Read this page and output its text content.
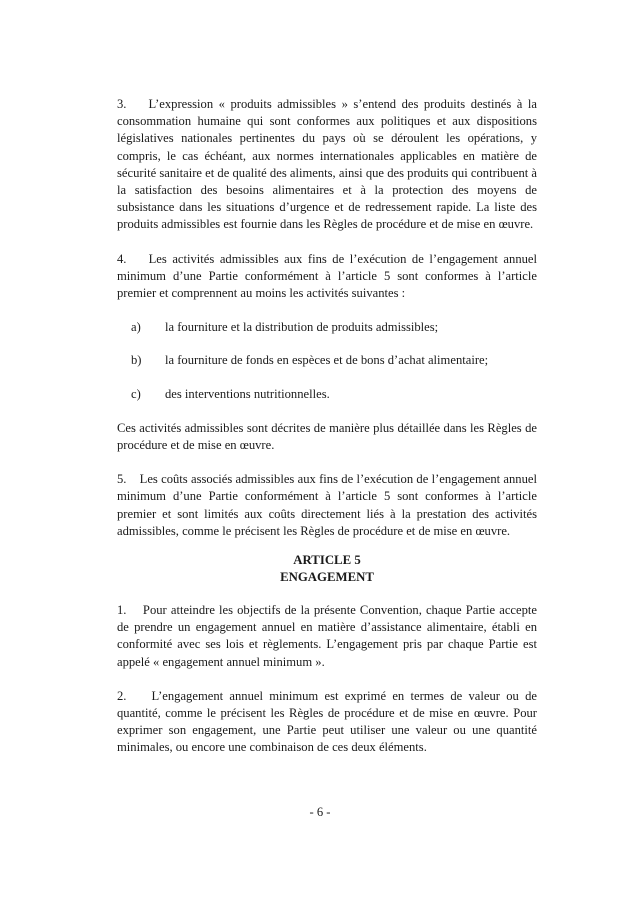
3.    L’expression « produits admissibles » s’entend des produits destinés à la consommation humaine qui sont conformes aux politiques et aux dispositions législatives nationales pertinentes du pays où se déroulent les opérations, y compris, le cas échéant, aux normes internationales applicables en matière de sécurité sanitaire et de qualité des aliments, ainsi que des produits qui contribuent à la satisfaction des besoins alimentaires et à la protection des moyens de subsistance dans les situations d’urgence et de redressement rapide. La liste des produits admissibles est fournie dans les Règles de procédure et de mise en œuvre.

4.    Les activités admissibles aux fins de l’exécution de l’engagement annuel minimum d’une Partie conformément à l’article 5 sont conformes à l’article premier et comprennent au moins les activités suivantes :

a)	la fourniture et la distribution de produits admissibles;
b)	la fourniture de fonds en espèces et de bons d’achat alimentaire;
c)	des interventions nutritionnelles.

Ces activités admissibles sont décrites de manière plus détaillée dans les Règles de procédure et de mise en œuvre.

5.    Les coûts associés admissibles aux fins de l’exécution de l’engagement annuel minimum d’une Partie conformément à l’article 5 sont conformes à l’article premier et sont limités aux coûts directement liés à la prestation des activités admissibles, comme le précisent les Règles de procédure et de mise en œuvre.

ARTICLE 5
ENGAGEMENT

1.    Pour atteindre les objectifs de la présente Convention, chaque Partie accepte de prendre un engagement annuel en matière d’assistance alimentaire, établi en conformité avec ses lois et règlements. L’engagement pris par chaque Partie est appelé « engagement annuel minimum ».

2.    L’engagement annuel minimum est exprimé en termes de valeur ou de quantité, comme le précisent les Règles de procédure et de mise en œuvre. Pour exprimer son engagement, une Partie peut utiliser une valeur ou une quantité minimales, ou encore une combinaison de ces deux éléments.

- 6 -
